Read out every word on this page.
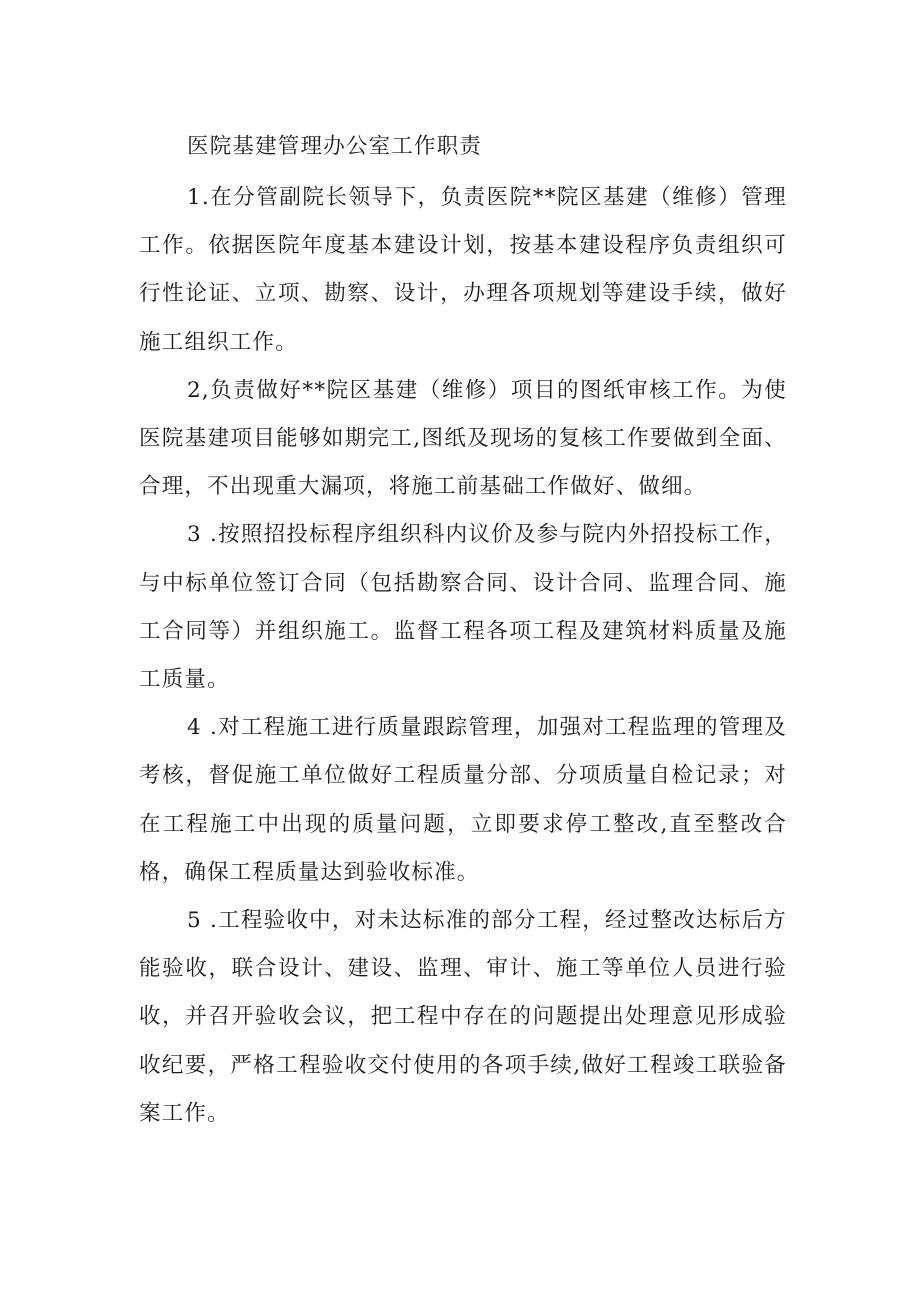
医院基建管理办公室工作职责

1.在分管副院长领导下，负责医院**院区基建（维修）管理工作。依据医院年度基本建设计划，按基本建设程序负责组织可行性论证、立项、勘察、设计，办理各项规划等建设手续，做好施工组织工作。

2,负责做好**院区基建（维修）项目的图纸审核工作。为使医院基建项目能够如期完工,图纸及现场的复核工作要做到全面、合理，不出现重大漏项，将施工前基础工作做好、做细。

3 .按照招投标程序组织科内议价及参与院内外招投标工作，与中标单位签订合同（包括勘察合同、设计合同、监理合同、施工合同等）并组织施工。监督工程各项工程及建筑材料质量及施工质量。

4 .对工程施工进行质量跟踪管理，加强对工程监理的管理及考核，督促施工单位做好工程质量分部、分项质量自检记录；对在工程施工中出现的质量问题，立即要求停工整改,直至整改合格，确保工程质量达到验收标准。

5 .工程验收中，对未达标准的部分工程，经过整改达标后方能验收，联合设计、建设、监理、审计、施工等单位人员进行验收，并召开验收会议，把工程中存在的问题提出处理意见形成验收纪要，严格工程验收交付使用的各项手续,做好工程竣工联验备案工作。
